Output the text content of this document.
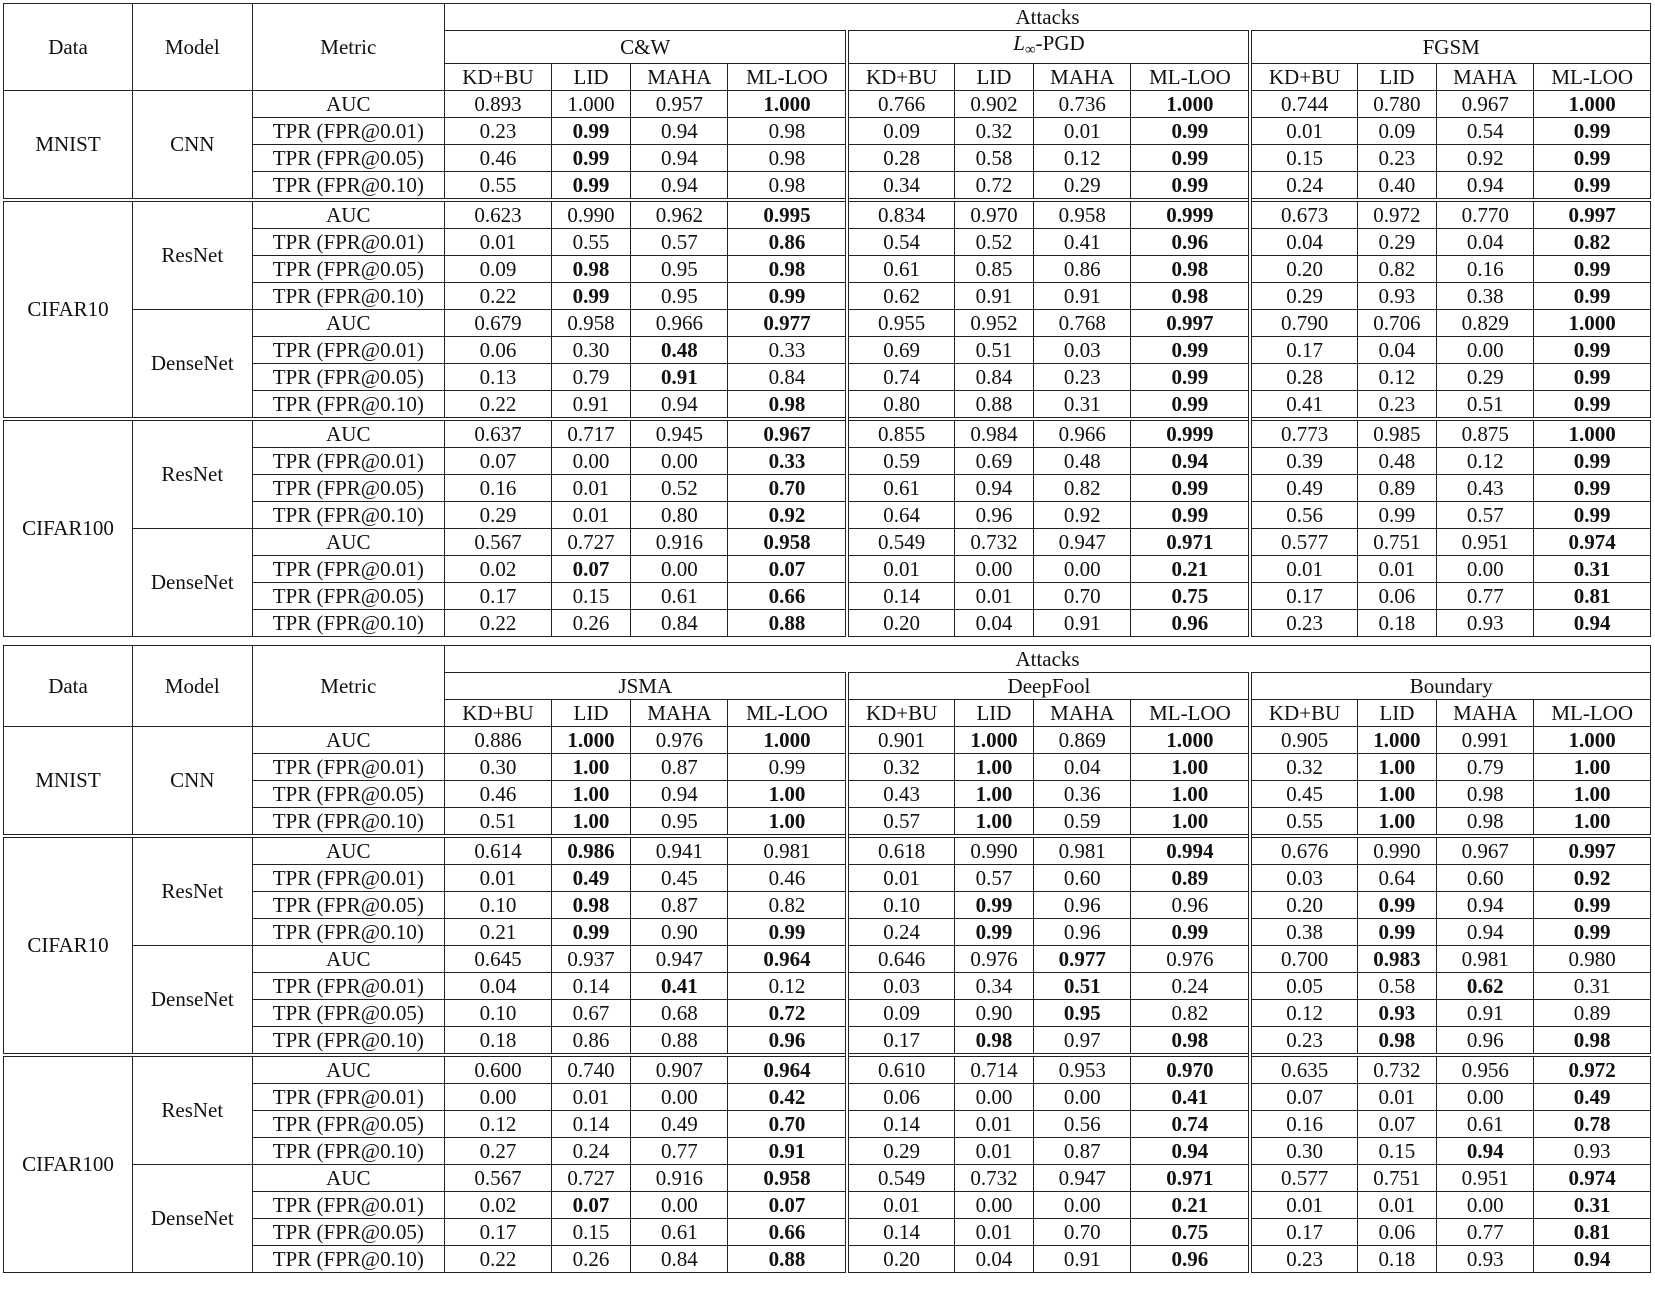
Data	Model	Metric	Attacks											
			C&W				$L_\infty$-PGD				FGSM			
			KD+BU	LID	MAHA	ML-LOO	KD+BU	LID	MAHA	ML-LOO	KD+BU	LID	MAHA	ML-LOO
MNIST	CNN	AUC	0.893	1.000	0.957	1.000	0.766	0.902	0.736	1.000	0.744	0.780	0.967	1.000
		TPR (FPR@0.01)	0.23	0.99	0.94	0.98	0.09	0.32	0.01	0.99	0.01	0.09	0.54	0.99
		TPR (FPR@0.05)	0.46	0.99	0.94	0.98	0.28	0.58	0.12	0.99	0.15	0.23	0.92	0.99
		TPR (FPR@0.10)	0.55	0.99	0.94	0.98	0.34	0.72	0.29	0.99	0.24	0.40	0.94	0.99
CIFAR10	ResNet	AUC	0.623	0.990	0.962	0.995	0.834	0.970	0.958	0.999	0.673	0.972	0.770	0.997
		TPR (FPR@0.01)	0.01	0.55	0.57	0.86	0.54	0.52	0.41	0.96	0.04	0.29	0.04	0.82
		TPR (FPR@0.05)	0.09	0.98	0.95	0.98	0.61	0.85	0.86	0.98	0.20	0.82	0.16	0.99
		TPR (FPR@0.10)	0.22	0.99	0.95	0.99	0.62	0.91	0.91	0.98	0.29	0.93	0.38	0.99
	DenseNet	AUC	0.679	0.958	0.966	0.977	0.955	0.952	0.768	0.997	0.790	0.706	0.829	1.000
		TPR (FPR@0.01)	0.06	0.30	0.48	0.33	0.69	0.51	0.03	0.99	0.17	0.04	0.00	0.99
		TPR (FPR@0.05)	0.13	0.79	0.91	0.84	0.74	0.84	0.23	0.99	0.28	0.12	0.29	0.99
		TPR (FPR@0.10)	0.22	0.91	0.94	0.98	0.80	0.88	0.31	0.99	0.41	0.23	0.51	0.99
CIFAR100	ResNet	AUC	0.637	0.717	0.945	0.967	0.855	0.984	0.966	0.999	0.773	0.985	0.875	1.000
		TPR (FPR@0.01)	0.07	0.00	0.00	0.33	0.59	0.69	0.48	0.94	0.39	0.48	0.12	0.99
		TPR (FPR@0.05)	0.16	0.01	0.52	0.70	0.61	0.94	0.82	0.99	0.49	0.89	0.43	0.99
		TPR (FPR@0.10)	0.29	0.01	0.80	0.92	0.64	0.96	0.92	0.99	0.56	0.99	0.57	0.99
	DenseNet	AUC	0.567	0.727	0.916	0.958	0.549	0.732	0.947	0.971	0.577	0.751	0.951	0.974
		TPR (FPR@0.01)	0.02	0.07	0.00	0.07	0.01	0.00	0.00	0.21	0.01	0.01	0.00	0.31
		TPR (FPR@0.05)	0.17	0.15	0.61	0.66	0.14	0.01	0.70	0.75	0.17	0.06	0.77	0.81
		TPR (FPR@0.10)	0.22	0.26	0.84	0.88	0.20	0.04	0.91	0.96	0.23	0.18	0.93	0.94
Data	Model	Metric	Attacks											
			JSMA				DeepFool				Boundary			
			KD+BU	LID	MAHA	ML-LOO	KD+BU	LID	MAHA	ML-LOO	KD+BU	LID	MAHA	ML-LOO
MNIST	CNN	AUC	0.886	1.000	0.976	1.000	0.901	1.000	0.869	1.000	0.905	1.000	0.991	1.000
		TPR (FPR@0.01)	0.30	1.00	0.87	0.99	0.32	1.00	0.04	1.00	0.32	1.00	0.79	1.00
		TPR (FPR@0.05)	0.46	1.00	0.94	1.00	0.43	1.00	0.36	1.00	0.45	1.00	0.98	1.00
		TPR (FPR@0.10)	0.51	1.00	0.95	1.00	0.57	1.00	0.59	1.00	0.55	1.00	0.98	1.00
CIFAR10	ResNet	AUC	0.614	0.986	0.941	0.981	0.618	0.990	0.981	0.994	0.676	0.990	0.967	0.997
		TPR (FPR@0.01)	0.01	0.49	0.45	0.46	0.01	0.57	0.60	0.89	0.03	0.64	0.60	0.92
		TPR (FPR@0.05)	0.10	0.98	0.87	0.82	0.10	0.99	0.96	0.96	0.20	0.99	0.94	0.99
		TPR (FPR@0.10)	0.21	0.99	0.90	0.99	0.24	0.99	0.96	0.99	0.38	0.99	0.94	0.99
	DenseNet	AUC	0.645	0.937	0.947	0.964	0.646	0.976	0.977	0.976	0.700	0.983	0.981	0.980
		TPR (FPR@0.01)	0.04	0.14	0.41	0.12	0.03	0.34	0.51	0.24	0.05	0.58	0.62	0.31
		TPR (FPR@0.05)	0.10	0.67	0.68	0.72	0.09	0.90	0.95	0.82	0.12	0.93	0.91	0.89
		TPR (FPR@0.10)	0.18	0.86	0.88	0.96	0.17	0.98	0.97	0.98	0.23	0.98	0.96	0.98
CIFAR100	ResNet	AUC	0.600	0.740	0.907	0.964	0.610	0.714	0.953	0.970	0.635	0.732	0.956	0.972
		TPR (FPR@0.01)	0.00	0.01	0.00	0.42	0.06	0.00	0.00	0.41	0.07	0.01	0.00	0.49
		TPR (FPR@0.05)	0.12	0.14	0.49	0.70	0.14	0.01	0.56	0.74	0.16	0.07	0.61	0.78
		TPR (FPR@0.10)	0.27	0.24	0.77	0.91	0.29	0.01	0.87	0.94	0.30	0.15	0.94	0.93
	DenseNet	AUC	0.567	0.727	0.916	0.958	0.549	0.732	0.947	0.971	0.577	0.751	0.951	0.974
		TPR (FPR@0.01)	0.02	0.07	0.00	0.07	0.01	0.00	0.00	0.21	0.01	0.01	0.00	0.31
		TPR (FPR@0.05)	0.17	0.15	0.61	0.66	0.14	0.01	0.70	0.75	0.17	0.06	0.77	0.81
		TPR (FPR@0.10)	0.22	0.26	0.84	0.88	0.20	0.04	0.91	0.96	0.23	0.18	0.93	0.94
